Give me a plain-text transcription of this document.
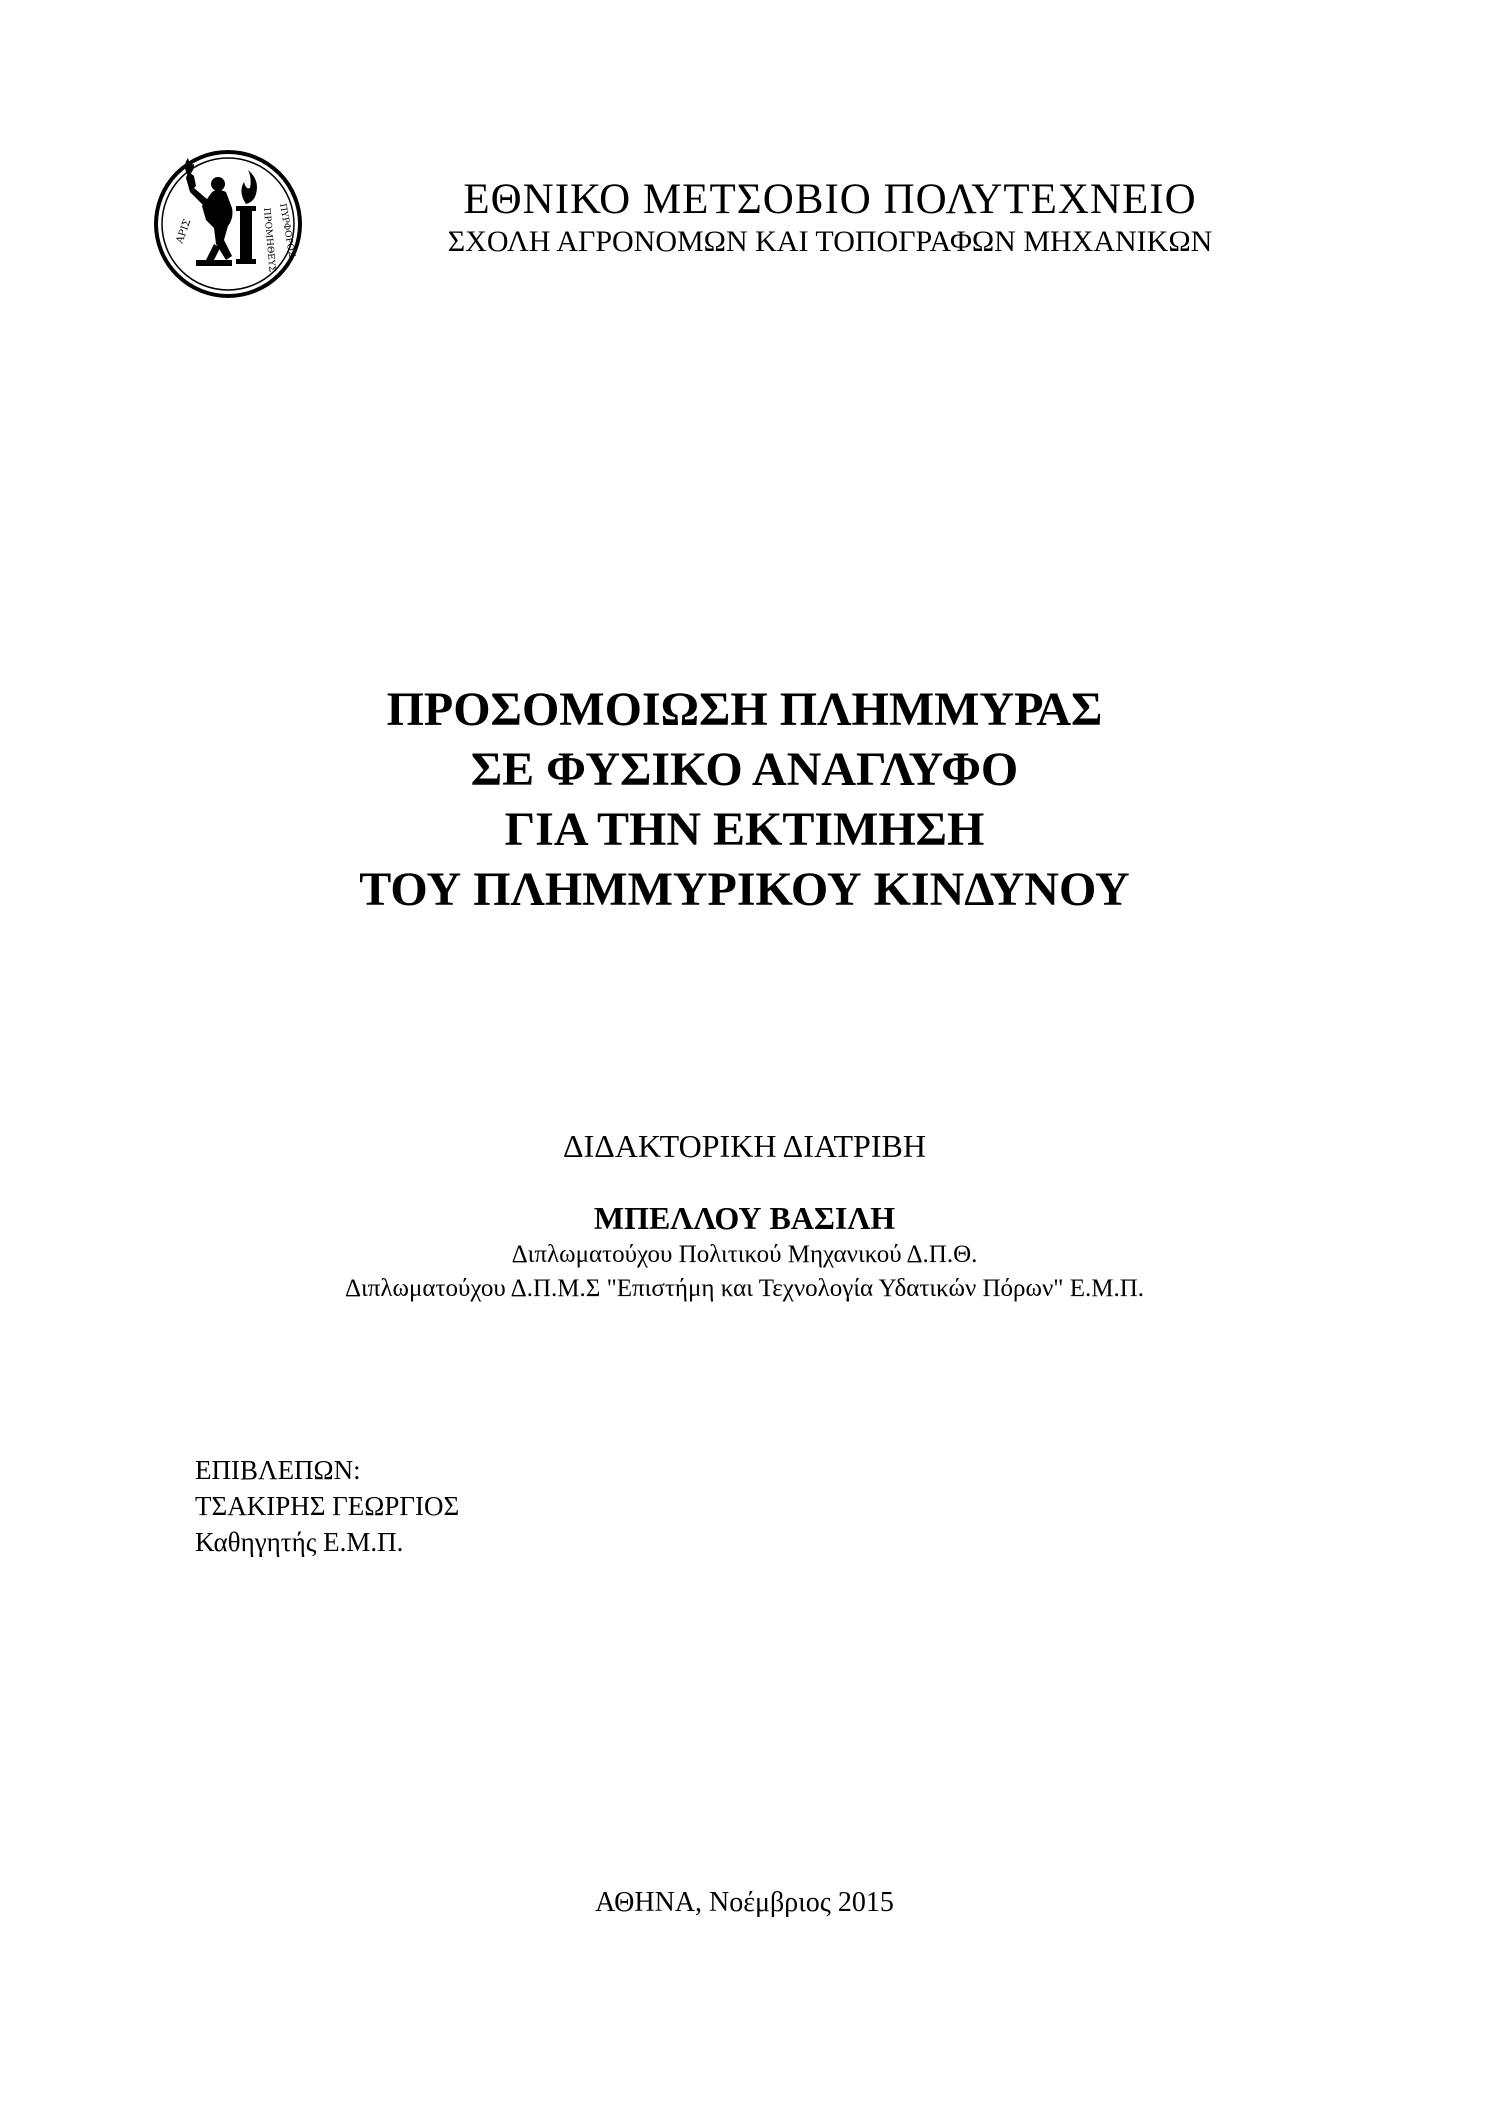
ΑΡΙΣ	ΠΡΟΜΗΘΕΥΣ ΠΥΡΦΟΡΟΣ
ΕΘΝΙΚΟ ΜΕΤΣΟΒΙΟ ΠΟΛΥΤΕΧΝΕΙΟ
ΣΧΟΛΗ ΑΓΡΟΝΟΜΩΝ ΚΑΙ ΤΟΠΟΓΡΑΦΩΝ ΜΗΧΑΝΙΚΩΝ
ΠΡΟΣΟΜΟΙΩΣΗ ΠΛΗΜΜΥΡΑΣ
ΣΕ ΦΥΣΙΚΟ ΑΝΑΓΛΥΦΟ
ΓΙΑ ΤΗΝ ΕΚΤΙΜΗΣΗ
ΤΟΥ ΠΛΗΜΜΥΡΙΚΟΥ ΚΙΝΔΥΝΟΥ
ΔΙΔΑΚΤΟΡΙΚΗ ΔΙΑΤΡΙΒΗ
ΜΠΕΛΛΟΥ ΒΑΣΙΛΗ
Διπλωματούχου Πολιτικού Μηχανικού Δ.Π.Θ.
Διπλωματούχου Δ.Π.Μ.Σ "Επιστήμη και Τεχνολογία Υδατικών Πόρων" Ε.Μ.Π.
ΕΠΙΒΛΕΠΩΝ:
ΤΣΑΚΙΡΗΣ ΓΕΩΡΓΙΟΣ
Καθηγητής Ε.Μ.Π.
ΑΘΗΝΑ, Νοέμβριος 2015
